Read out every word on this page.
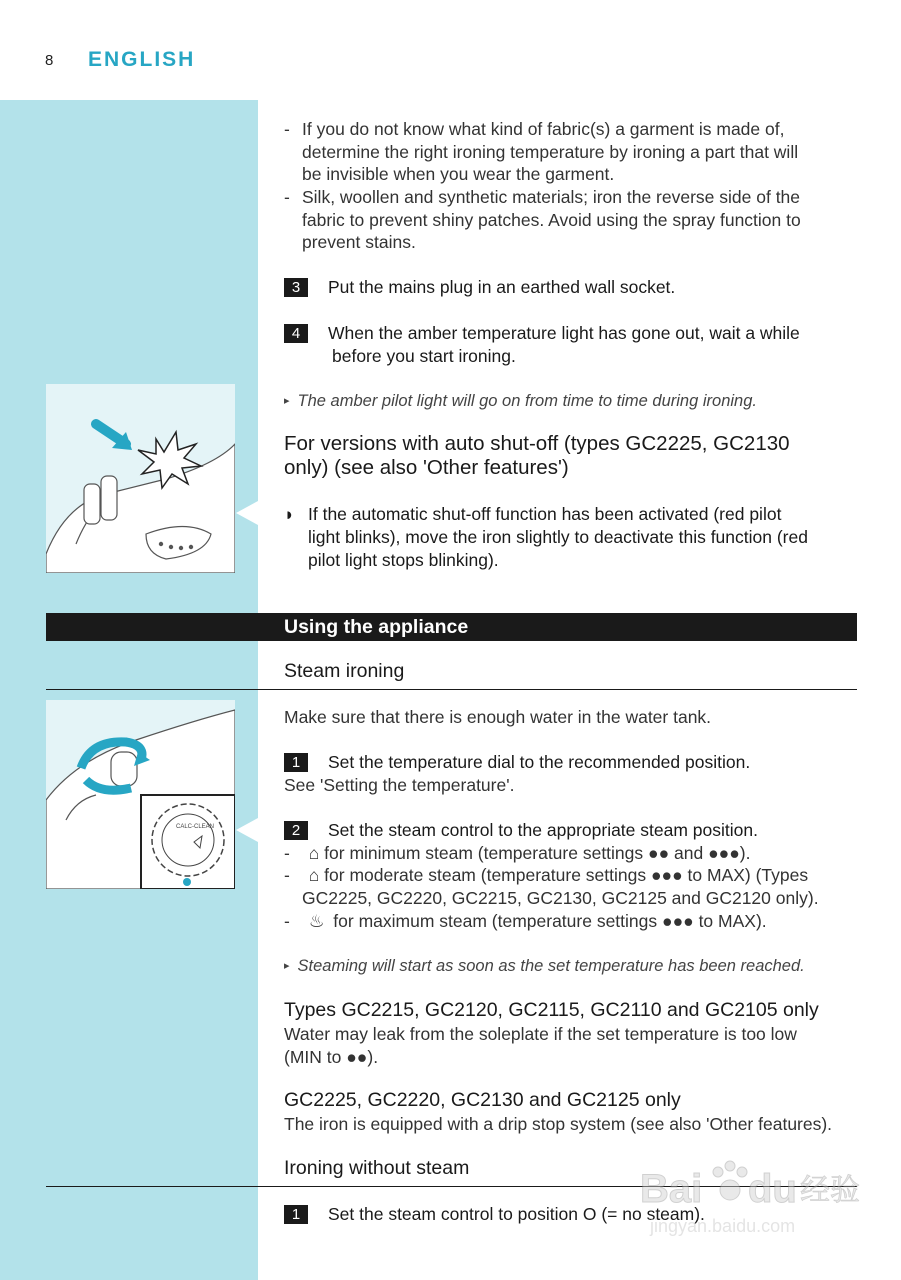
8 ENGLISH
- If you do not know what kind of fabric(s) a garment is made of,
determine the right ironing temperature by ironing a part that will
be invisible when you wear the garment.
- Silk, woollen and synthetic materials; iron the reverse side of the
fabric to prevent shiny patches. Avoid using the spray function to
prevent stains.
3 Put the mains plug in an earthed wall socket.
4 When the amber temperature light has gone out, wait a while
before you start ironing.
▸ The amber pilot light will go on from time to time during ironing.
For versions with auto shut-off (types GC2225, GC2130
only) (see also 'Other features')
◗ If the automatic shut-off function has been activated (red pilot
light blinks), move the iron slightly to deactivate this function (red
pilot light stops blinking).
Using the appliance
Steam ironing
CALC-CLEAN
Make sure that there is enough water in the water tank.
1 Set the temperature dial to the recommended position.
See 'Setting the temperature'.
2 Set the steam control to the appropriate steam position.
- ⌂ for minimum steam (temperature settings ●● and ●●●).
- ⌂ for moderate steam (temperature settings ●●● to MAX) (Types
GC2225, GC2220, GC2215, GC2130, GC2125 and GC2120 only).
- ♨ for maximum steam (temperature settings ●●● to MAX).
▸ Steaming will start as soon as the set temperature has been reached.
Types GC2215, GC2120, GC2115, GC2110 and GC2105 only
Water may leak from the soleplate if the set temperature is too low
(MIN to ●●).
GC2225, GC2220, GC2130 and GC2125 only
The iron is equipped with a drip stop system (see also 'Other features).
Ironing without steam
1 Set the steam control to position O (= no steam).
Bai du 经验
jingyan.baidu.com
